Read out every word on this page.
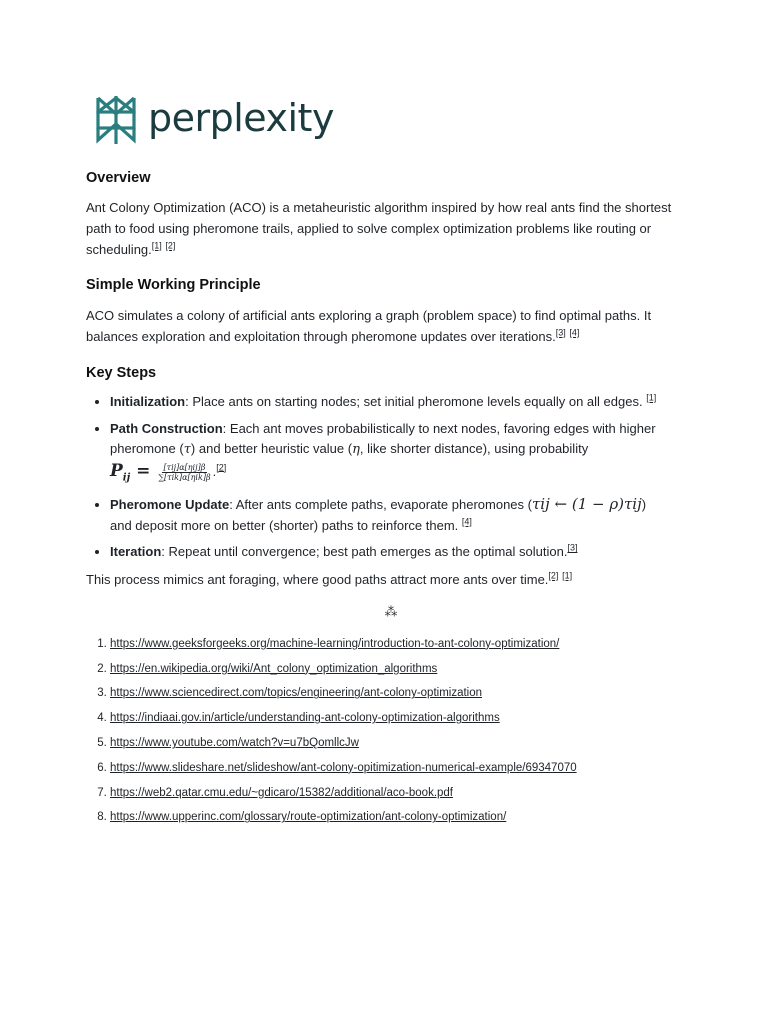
perplexity
Overview

Ant Colony Optimization (ACO) is a metaheuristic algorithm inspired by how real ants find the shortest path to food using pheromone trails, applied to solve complex optimization problems like routing or scheduling.[1] [2]

Simple Working Principle

ACO simulates a colony of artificial ants exploring a graph (problem space) to find optimal paths. It balances exploration and exploitation through pheromone updates over iterations.[3] [4]

Key Steps
• Initialization: Place ants on starting nodes; set initial pheromone levels equally on all edges. [1]
• Path Construction: Each ant moves probabilistically to next nodes, favoring edges with higher pheromone (τ) and better heuristic value (η, like shorter distance), using probability
$P_{ij} = \frac{\text{[τij]α[ηij]β}}{\text{∑[τik]α[ηik]β}} .[2]$
• Pheromone Update: After ants complete paths, evaporate pheromones (τij ← (1 − ρ)τij)
and deposit more on better (shorter) paths to reinforce them. [4]
• Iteration: Repeat until convergence; best path emerges as the optimal solution.[3]

This process mimics ant foraging, where good paths attract more ants over time.[2] [1]

⁂
1. https://www.geeksforgeeks.org/machine-learning/introduction-to-ant-colony-optimization/
2. https://en.wikipedia.org/wiki/Ant_colony_optimization_algorithms
3. https://www.sciencedirect.com/topics/engineering/ant-colony-optimization
4. https://indiaai.gov.in/article/understanding-ant-colony-optimization-algorithms
5. https://www.youtube.com/watch?v=u7bQomllcJw
6. https://www.slideshare.net/slideshow/ant-colony-opitimization-numerical-example/69347070
7. https://web2.qatar.cmu.edu/~gdicaro/15382/additional/aco-book.pdf
8. https://www.upperinc.com/glossary/route-optimization/ant-colony-optimization/
